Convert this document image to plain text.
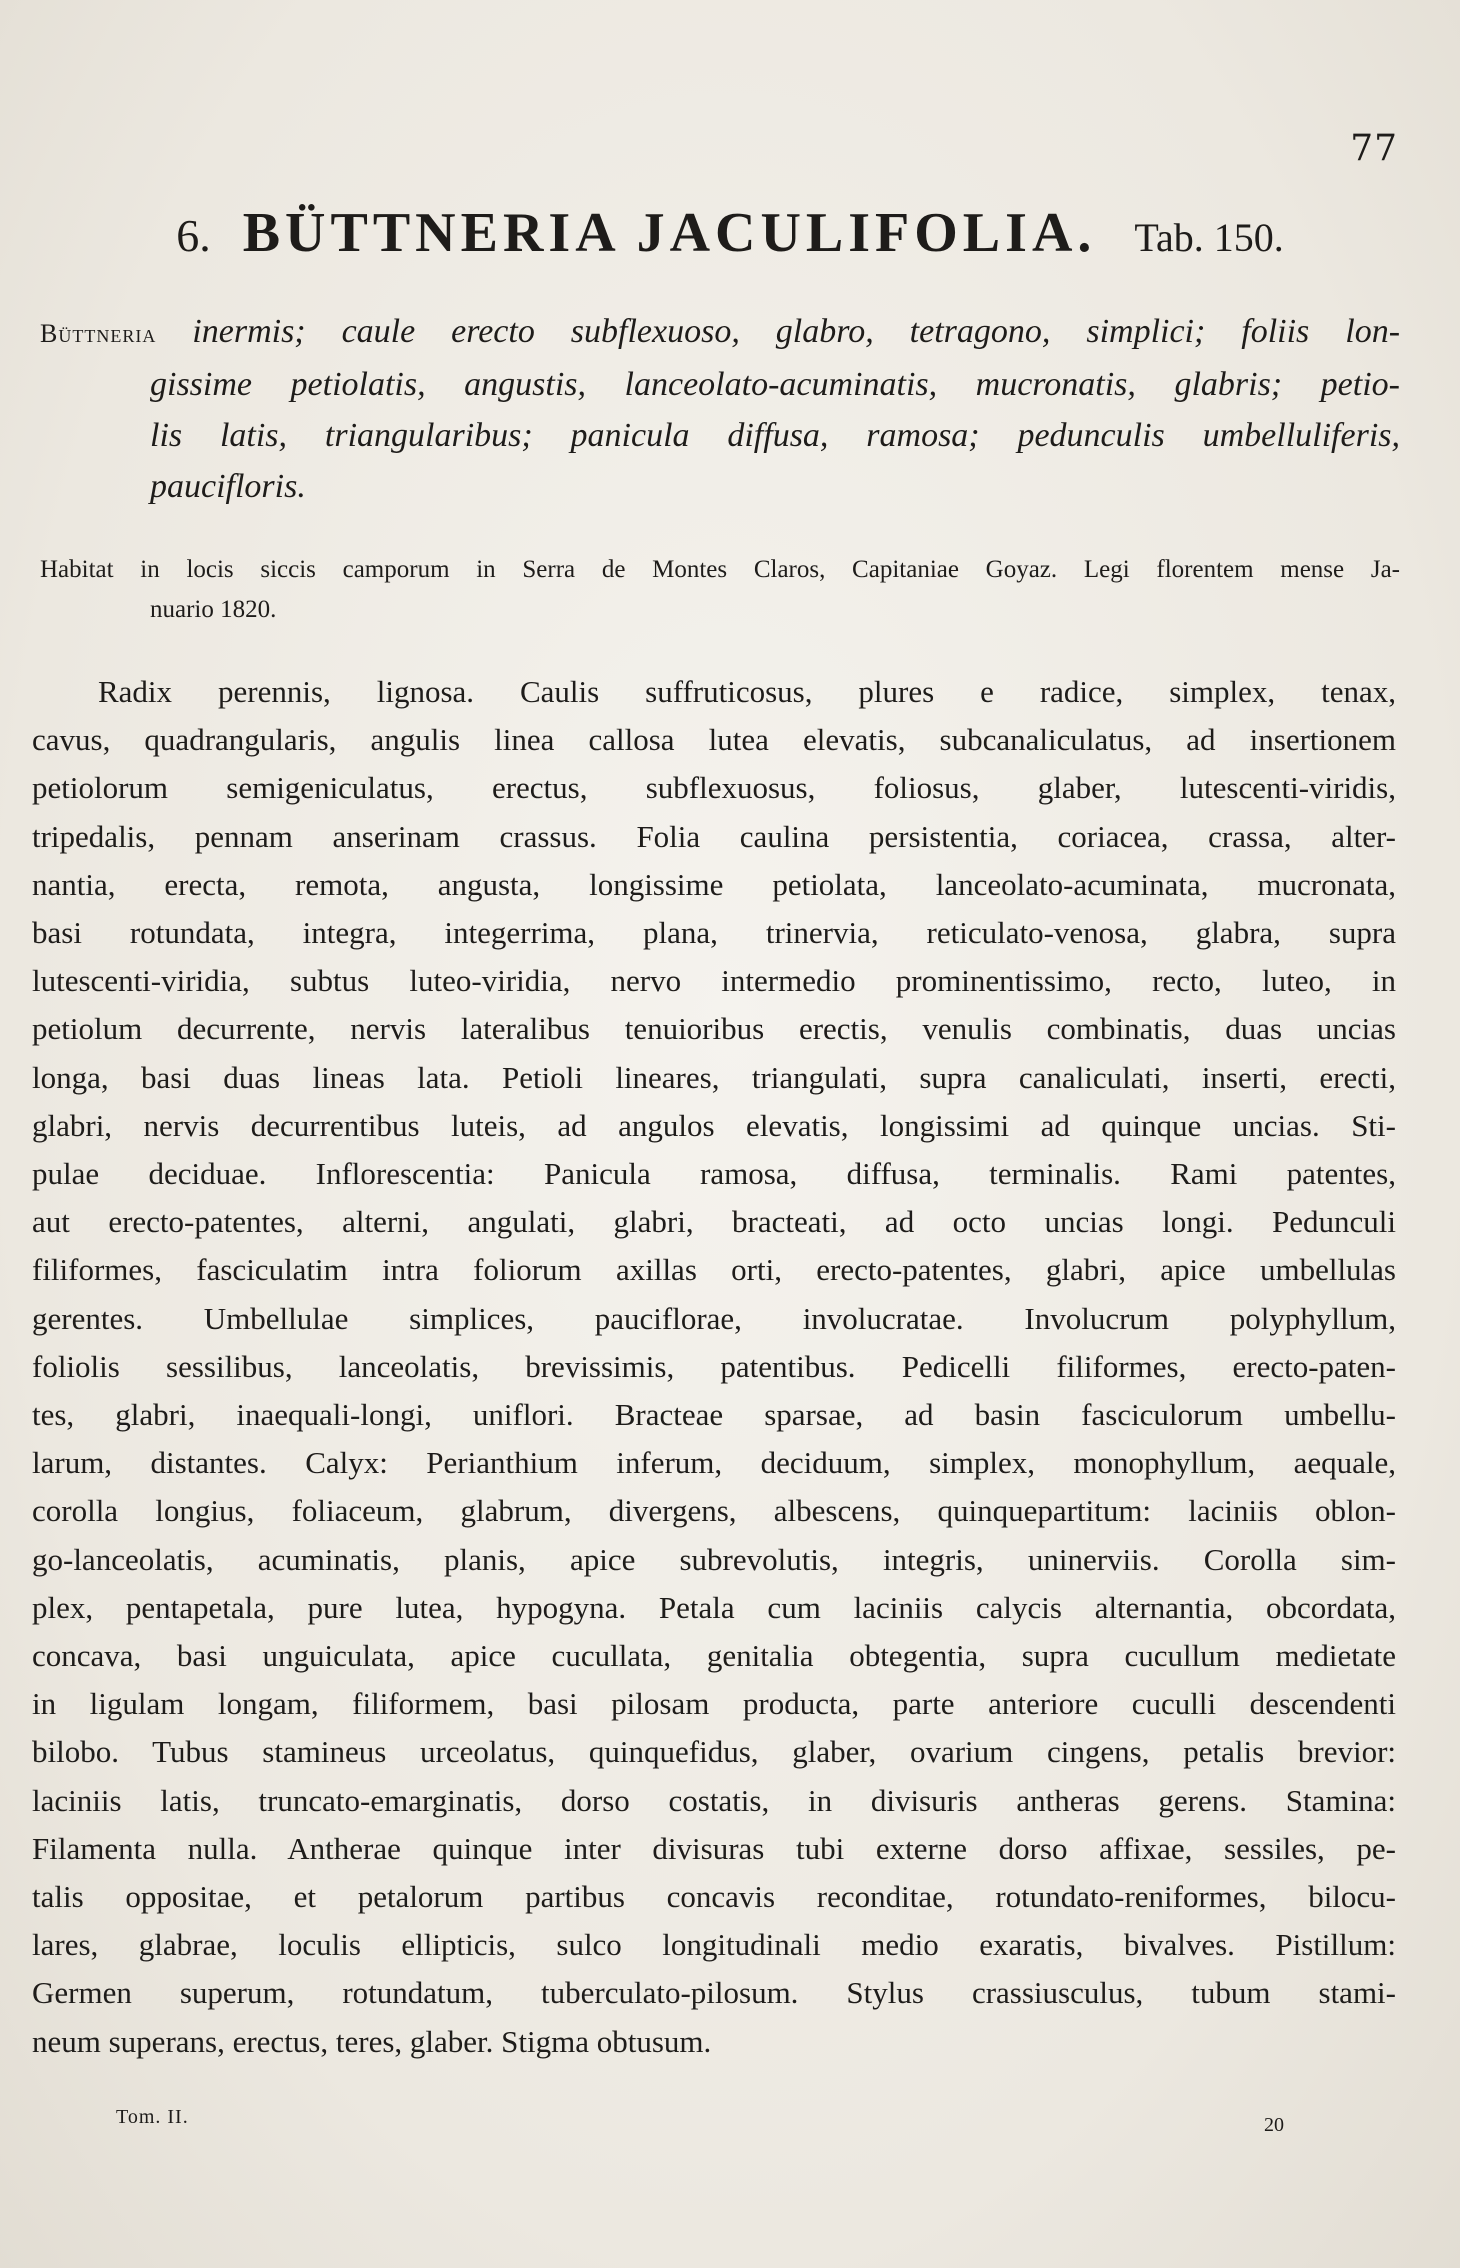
77
6. BÜTTNERIA JACULIFOLIA. Tab. 150.
Büttneria inermis; caule erecto subflexuoso, glabro, tetragono, simplici; foliis lon-
gissime petiolatis, angustis, lanceolato-acuminatis, mucronatis, glabris; petio-
lis latis, triangularibus; panicula diffusa, ramosa; pedunculis umbelluliferis,
paucifloris.
Habitat in locis siccis camporum in Serra de Montes Claros, Capitaniae Goyaz. Legi florentem mense Ja-
nuario 1820.
Radix perennis, lignosa. Caulis suffruticosus, plures e radice, simplex, tenax,
cavus, quadrangularis, angulis linea callosa lutea elevatis, subcanaliculatus, ad insertionem
petiolorum semigeniculatus, erectus, subflexuosus, foliosus, glaber, lutescenti-viridis,
tripedalis, pennam anserinam crassus. Folia caulina persistentia, coriacea, crassa, alter-
nantia, erecta, remota, angusta, longissime petiolata, lanceolato-acuminata, mucronata,
basi rotundata, integra, integerrima, plana, trinervia, reticulato-venosa, glabra, supra
lutescenti-viridia, subtus luteo-viridia, nervo intermedio prominentissimo, recto, luteo, in
petiolum decurrente, nervis lateralibus tenuioribus erectis, venulis combinatis, duas uncias
longa, basi duas lineas lata. Petioli lineares, triangulati, supra canaliculati, inserti, erecti,
glabri, nervis decurrentibus luteis, ad angulos elevatis, longissimi ad quinque uncias. Sti-
pulae deciduae. Inflorescentia: Panicula ramosa, diffusa, terminalis. Rami patentes,
aut erecto-patentes, alterni, angulati, glabri, bracteati, ad octo uncias longi. Pedunculi
filiformes, fasciculatim intra foliorum axillas orti, erecto-patentes, glabri, apice umbellulas
gerentes. Umbellulae simplices, pauciflorae, involucratae. Involucrum polyphyllum,
foliolis sessilibus, lanceolatis, brevissimis, patentibus. Pedicelli filiformes, erecto-paten-
tes, glabri, inaequali-longi, uniflori. Bracteae sparsae, ad basin fasciculorum umbellu-
larum, distantes. Calyx: Perianthium inferum, deciduum, simplex, monophyllum, aequale,
corolla longius, foliaceum, glabrum, divergens, albescens, quinquepartitum: laciniis oblon-
go-lanceolatis, acuminatis, planis, apice subrevolutis, integris, uninerviis. Corolla sim-
plex, pentapetala, pure lutea, hypogyna. Petala cum laciniis calycis alternantia, obcordata,
concava, basi unguiculata, apice cucullata, genitalia obtegentia, supra cucullum medietate
in ligulam longam, filiformem, basi pilosam producta, parte anteriore cuculli descendenti
bilobo. Tubus stamineus urceolatus, quinquefidus, glaber, ovarium cingens, petalis brevior:
laciniis latis, truncato-emarginatis, dorso costatis, in divisuris antheras gerens. Stamina:
Filamenta nulla. Antherae quinque inter divisuras tubi externe dorso affixae, sessiles, pe-
talis oppositae, et petalorum partibus concavis reconditae, rotundato-reniformes, bilocu-
lares, glabrae, loculis ellipticis, sulco longitudinali medio exaratis, bivalves. Pistillum:
Germen superum, rotundatum, tuberculato-pilosum. Stylus crassiusculus, tubum stami-
neum superans, erectus, teres, glaber. Stigma obtusum.
Tom. II.	20
